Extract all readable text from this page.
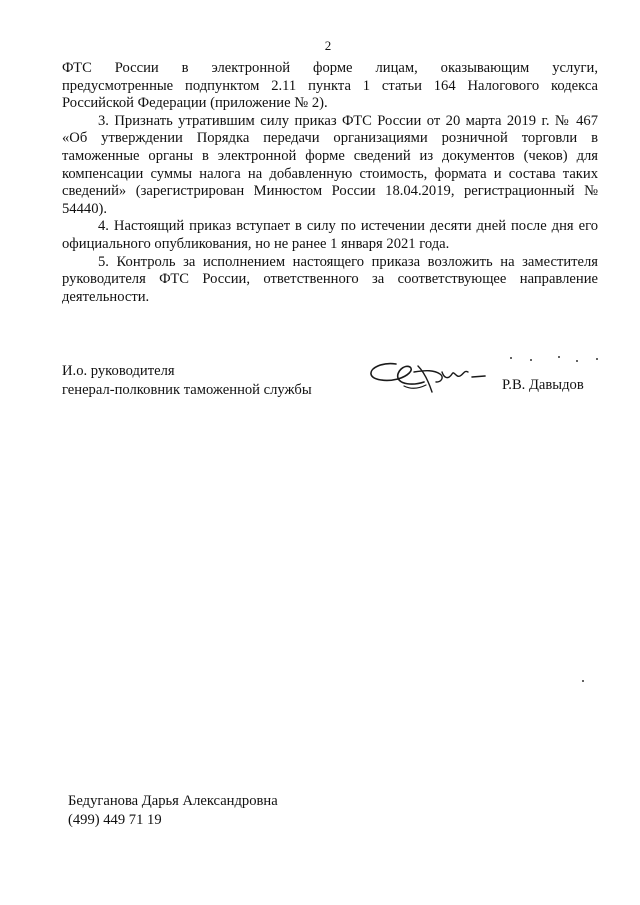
2

ФТС России в электронной форме лицам, оказывающим услуги,

предусмотренные подпунктом 2.11 пункта 1 статьи 164 Налогового кодекса

Российской Федерации (приложение № 2).

3. Признать утратившим силу приказ ФТС России от 20 марта 2019 г. № 467 «Об утверждении Порядка передачи организациями розничной торговли в таможенные органы в электронной форме сведений из документов (чеков) для компенсации суммы налога на добавленную стоимость, формата и состава таких сведений» (зарегистрирован Минюстом России 18.04.2019, регистрационный № 54440).

4. Настоящий приказ вступает в силу по истечении десяти дней после дня его официального опубликования, но не ранее 1 января 2021 года.

5. Контроль за исполнением настоящего приказа возложить на заместителя руководителя ФТС России, ответственного за соответствующее направление деятельности.

И.о. руководителя
генерал-полковник таможенной службы	Р.В. Давыдов
Бедуганова Дарья Александровна
(499) 449 71 19
